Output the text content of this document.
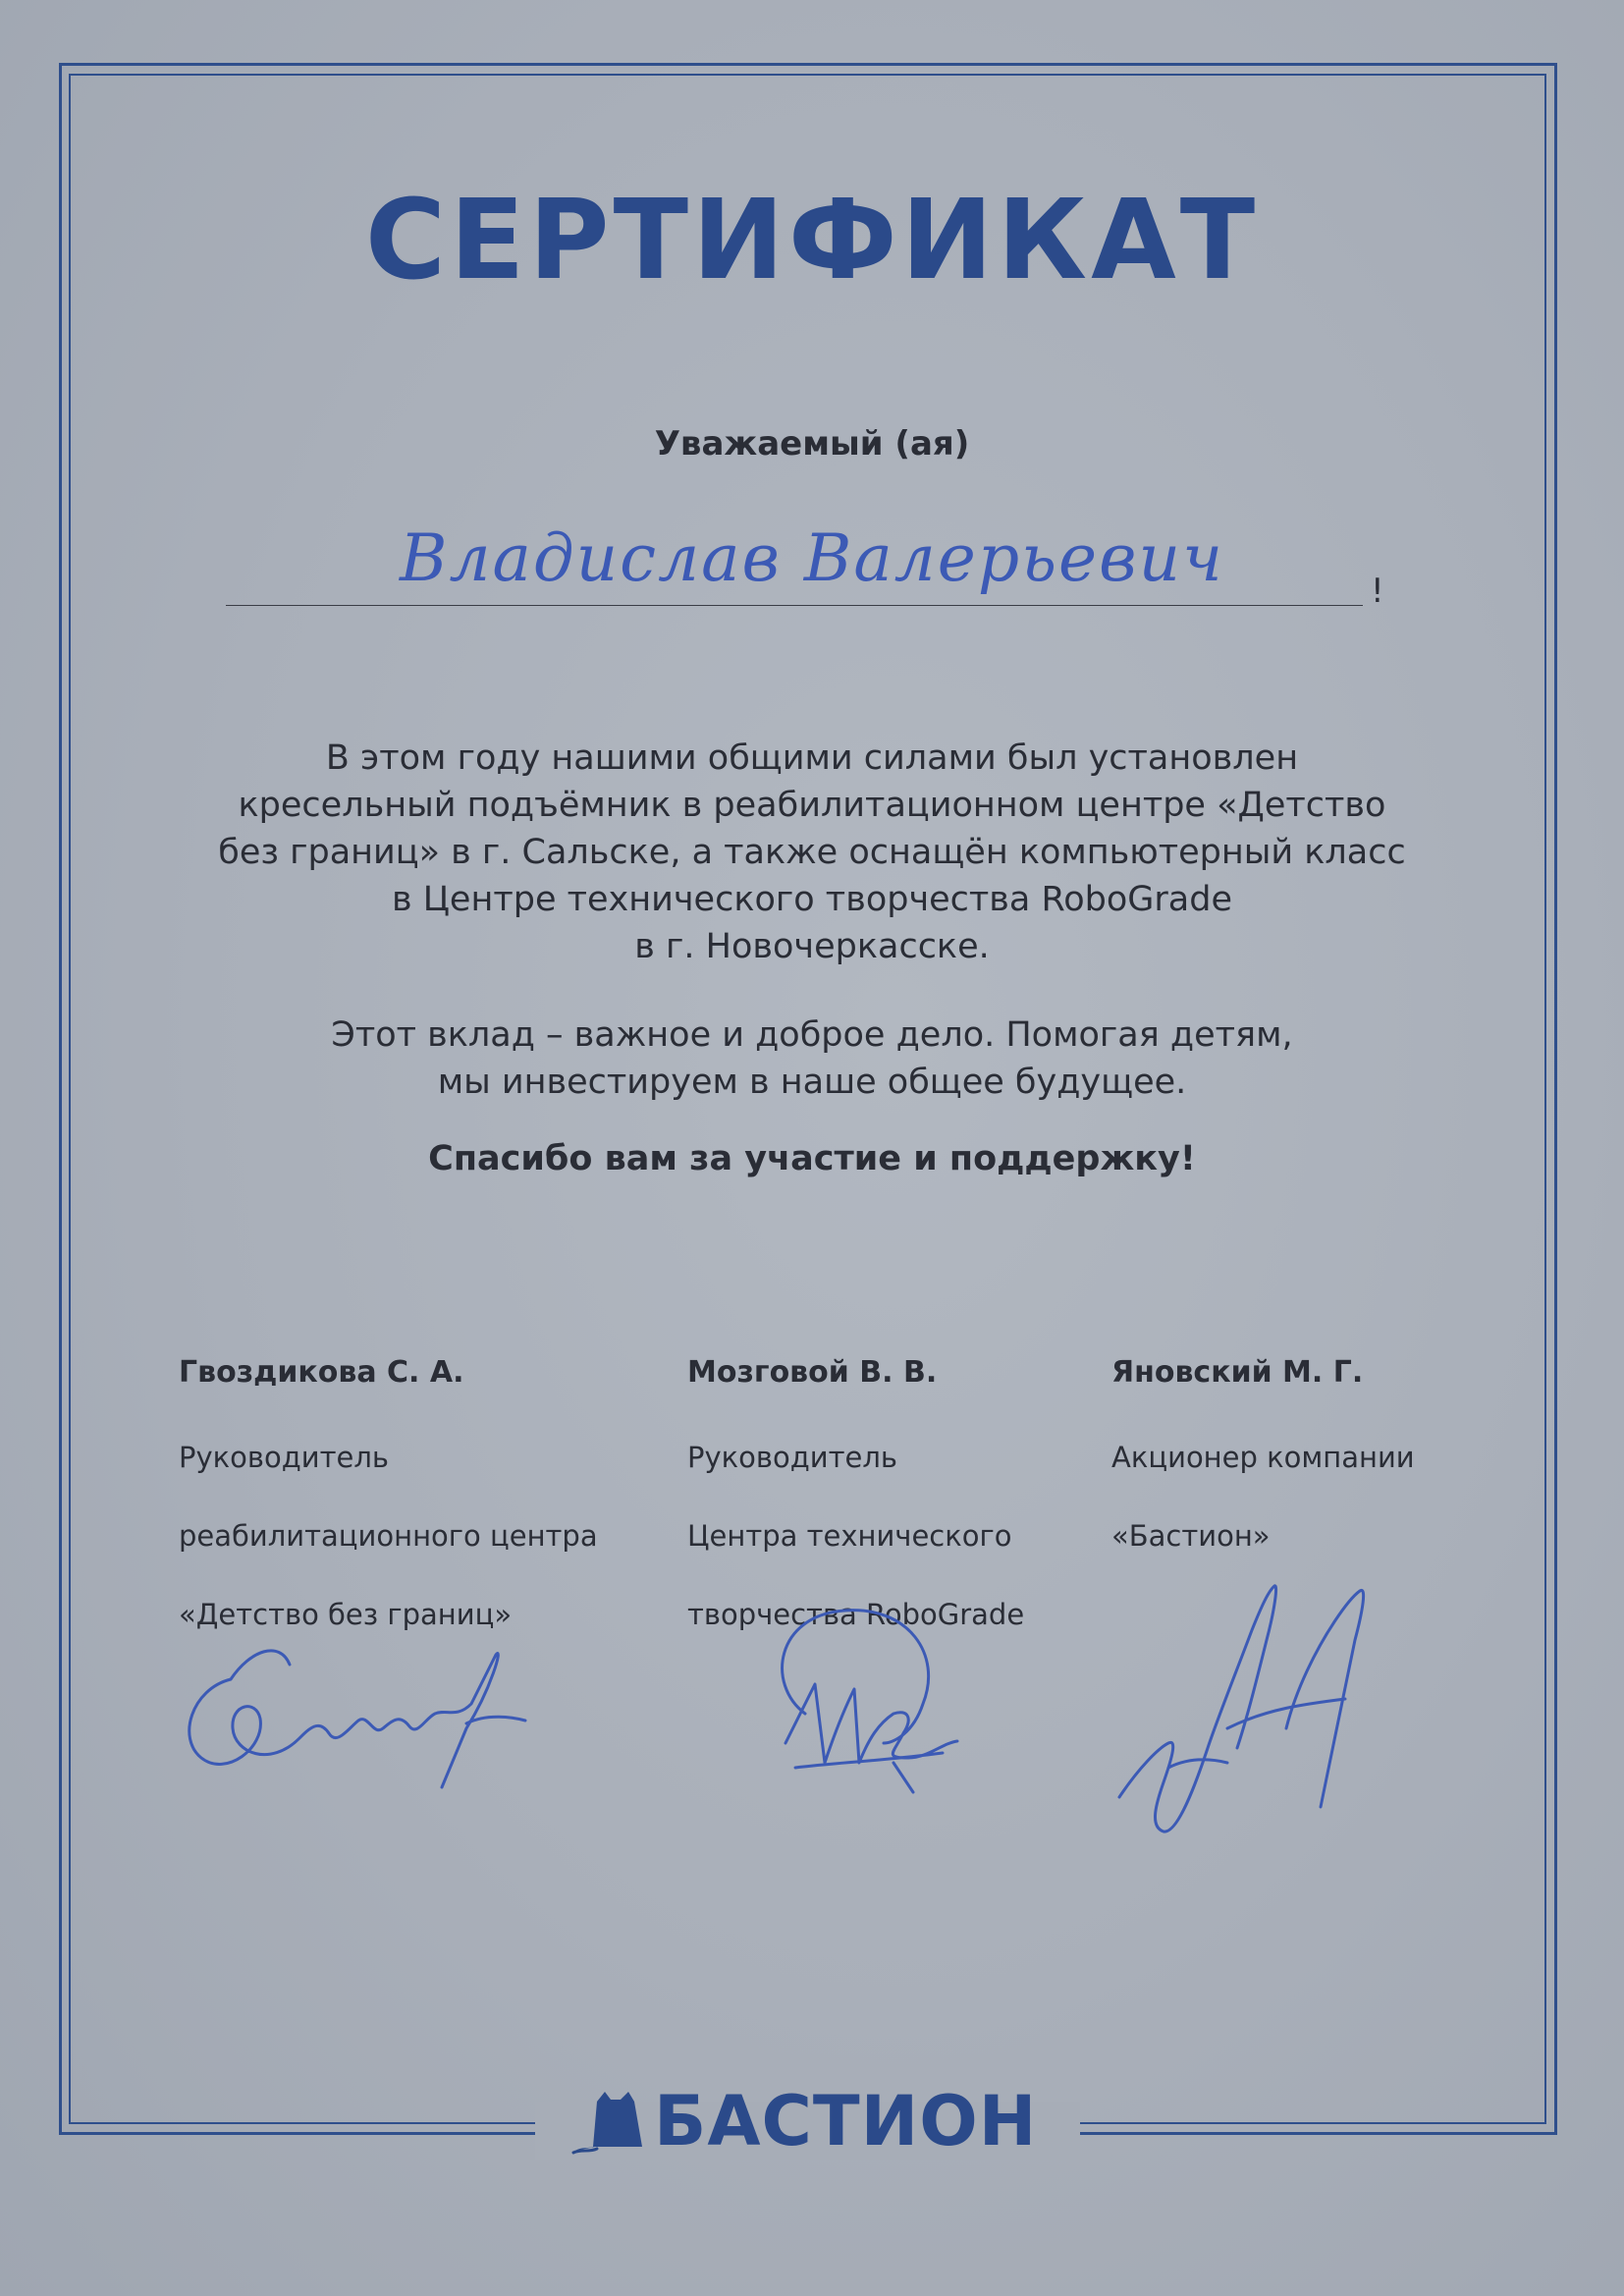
СЕРТИФИКАТ
Уважаемый (ая)
Владислав Валерьевич	!

В этом году нашими общими силами был установлен
кресельный подъёмник в реабилитационном центре «Детство
без границ» в г. Сальске, а также оснащён компьютерный класс
в Центре технического творчества RoboGrade
в г. Новочеркасске.

Этот вклад – важное и доброе дело. Помогая детям,
мы инвестируем в наше общее будущее.

Спасибо вам за участие и поддержку!

Гвоздикова С. А.

Руководитель

реабилитационного центра

«Детство без границ»

Мозговой В. В.

Руководитель

Центра технического

творчества RoboGrade

Яновский М. Г.

Акционер компании

«Бастион»

БАСТИОН
